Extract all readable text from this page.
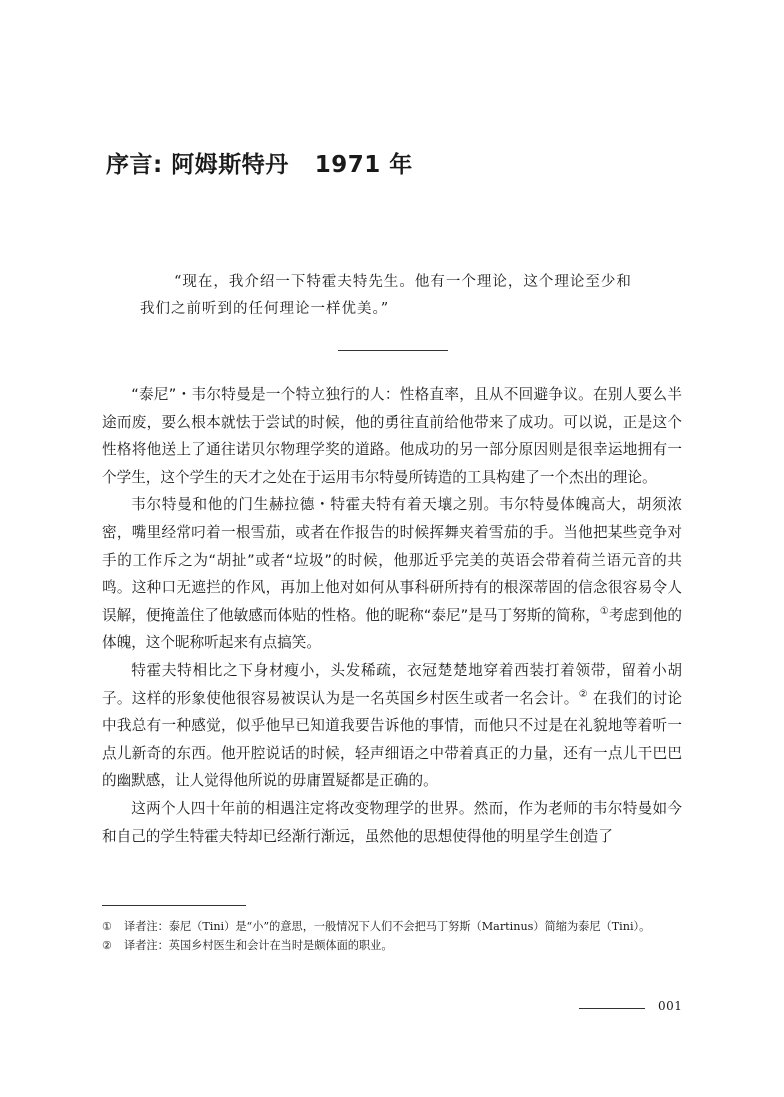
序言: 阿姆斯特丹 1971 年
“现在，我介绍一下特霍夫特先生。他有一个理论，这个理论至少和
我们之前听到的任何理论一样优美。”

“泰尼”・韦尔特曼是一个特立独行的人：性格直率，且从不回避争议。在别人要么半途而废，要么根本就怯于尝试的时候，他的勇往直前给他带来了成功。可以说，正是这个性格将他送上了通往诺贝尔物理学奖的道路。他成功的另一部分原因则是很幸运地拥有一个学生，这个学生的天才之处在于运用韦尔特曼所铸造的工具构建了一个杰出的理论。

韦尔特曼和他的门生赫拉德・特霍夫特有着天壤之别。韦尔特曼体魄高大，胡须浓密，嘴里经常叼着一根雪茄，或者在作报告的时候挥舞夹着雪茄的手。当他把某些竞争对手的工作斥之为“胡扯”或者“垃圾”的时候，他那近乎完美的英语会带着荷兰语元音的共鸣。这种口无遮拦的作风，再加上他对如何从事科研所持有的根深蒂固的信念很容易令人误解，便掩盖住了他敏感而体贴的性格。他的昵称“泰尼”是马丁努斯的简称，①考虑到他的体魄，这个昵称听起来有点搞笑。

特霍夫特相比之下身材瘦小，头发稀疏，衣冠楚楚地穿着西装打着领带，留着小胡子。这样的形象使他很容易被误认为是一名英国乡村医生或者一名会计。② 在我们的讨论中我总有一种感觉，似乎他早已知道我要告诉他的事情，而他只不过是在礼貌地等着听一点儿新奇的东西。他开腔说话的时候，轻声细语之中带着真正的力量，还有一点儿干巴巴的幽默感，让人觉得他所说的毋庸置疑都是正确的。

这两个人四十年前的相遇注定将改变物理学的世界。然而，作为老师的韦尔特曼如今和自己的学生特霍夫特却已经渐行渐远，虽然他的思想使得他的明星学生创造了

①	译者注：泰尼（Tini）是“小”的意思，一般情况下人们不会把马丁努斯（Martinus）简缩为泰尼（Tini）。
②	译者注：英国乡村医生和会计在当时是颇体面的职业。
001
